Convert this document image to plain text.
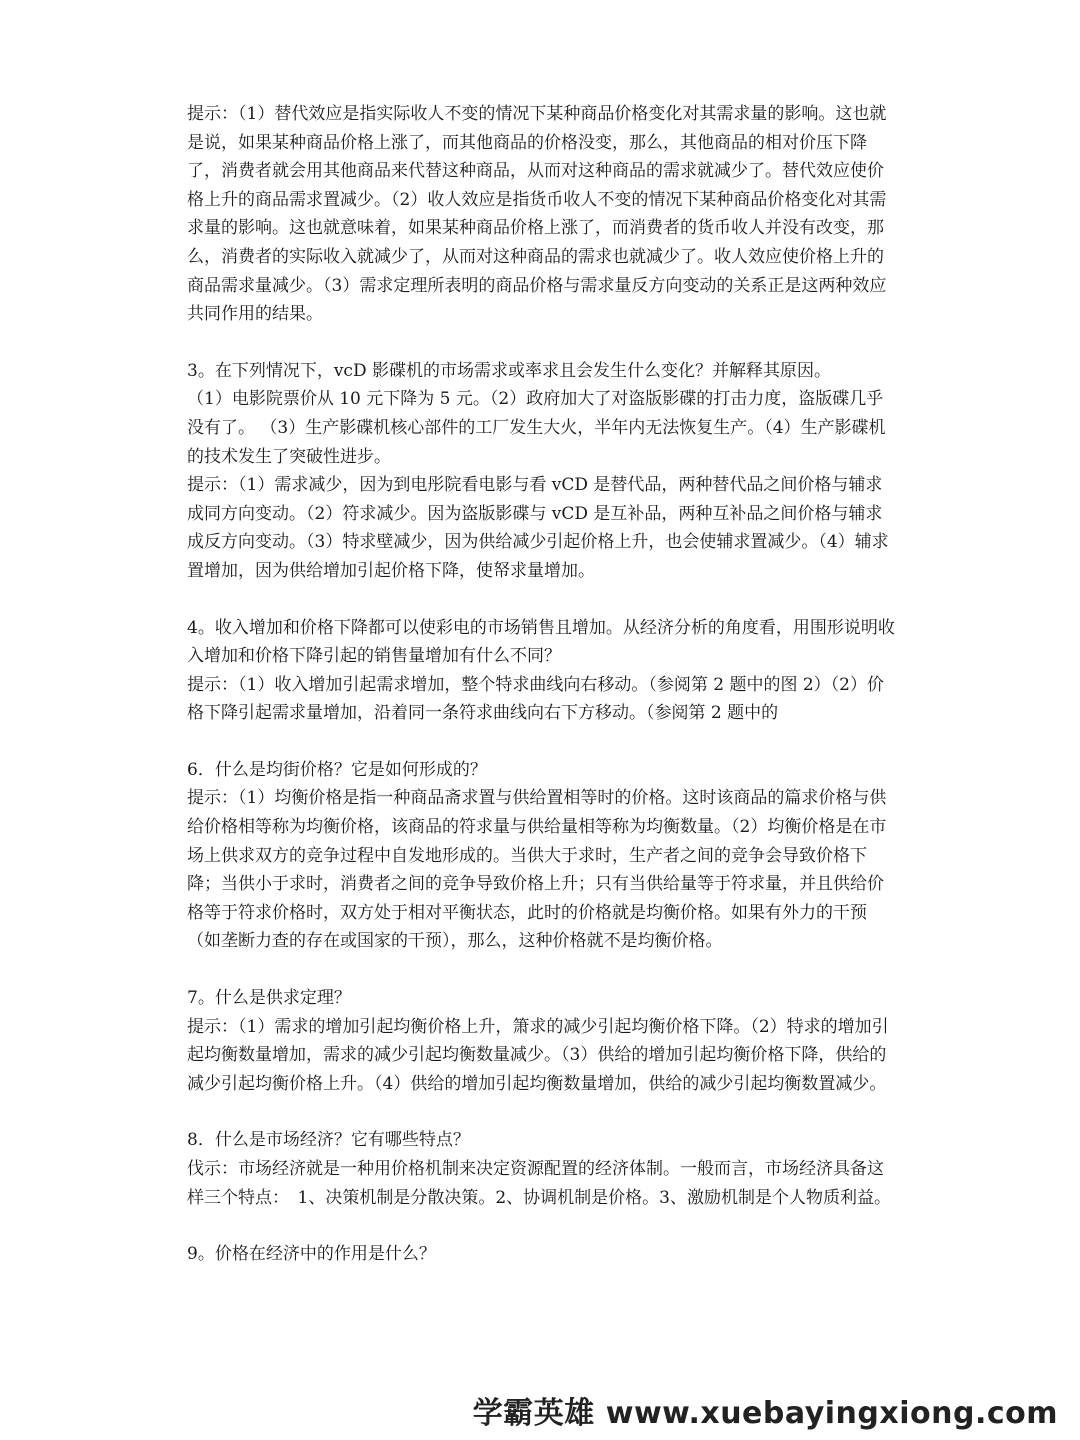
提示：（1）替代效应是指实际收人不变的情况下某种商品价格变化对其需求量的影响。这也就是说，如果某种商品价格上涨了，而其他商品的价格没变，那么，其他商品的相对价压下降了，消费者就会用其他商品来代替这种商品，从而对这种商品的需求就减少了。替代效应使价格上升的商品需求置减少。（2）收人效应是指货币收人不变的情况下某种商品价格变化对其需求量的影响。这也就意味着，如果某种商品价格上涨了，而消费者的货币收人并没有改变，那么，消费者的实际收入就减少了，从而对这种商品的需求也就减少了。收人效应使价格上升的商品需求量减少。（3）需求定理所表明的商品价格与需求量反方向变动的关系正是这两种效应共同作用的结果。

3。在下列情况下，vcD 影碟机的市场需求或率求且会发生什么变化？并解释其原因。

（1）电影院票价从 10 元下降为 5 元。（2）政府加大了对盗版影碟的打击力度，盗版碟几乎没有了。 （3）生产影碟机核心部件的工厂发生大火，半年内无法恢复生产。（4）生产影碟机的技术发生了突破性进步。

提示：（1）需求减少，因为到电彤院看电影与看 vCD 是替代品，两种替代品之间价格与辅求成同方向变动。（2）符求减少。因为盗版影碟与 vCD 是互补品，两种互补品之间价格与辅求成反方向变动。（3）特求壁减少，因为供给减少引起价格上升，也会使辅求置减少。（4）辅求置增加，因为供给增加引起价格下降，使帑求量增加。

4。收入增加和价格下降都可以使彩电的市场销售且增加。从经济分析的角度看，用围形说明收入增加和价格下降引起的销售量增加有什么不同？

提示：（1）收入增加引起需求增加，整个特求曲线向右移动。（参阅第 2 题中的图 2）（2）价格下降引起需求量增加，沿着同一条符求曲线向右下方移动。（参阅第 2 题中的

6．什么是均街价格？它是如何形成的？

提示：（1）均衡价格是指一种商品斋求置与供给置相等时的价格。这时该商品的篇求价格与供给价格相等称为均衡价格，该商品的符求量与供给量相等称为均衡数量。（2）均衡价格是在市场上供求双方的竞争过程中自发地形成的。当供大于求时，生产者之间的竞争会导致价格下降；当供小于求时，消费者之间的竞争导致价格上升；只有当供给量等于符求量，并且供给价格等于符求价格时，双方处于相对平衡状态，此时的价格就是均衡价格。如果有外力的干预（如垄断力查的存在或国家的干预），那么，这种价格就不是均衡价格。

7。什么是供求定理？

提示：（1）需求的增加引起均衡价格上升，箫求的减少引起均衡价格下降。（2）特求的增加引起均衡数量增加，需求的减少引起均衡数量减少。（3）供给的增加引起均衡价格下降，供给的减少引起均衡价格上升。（4）供给的增加引起均衡数量增加，供给的减少引起均衡数置减少。

8．什么是市场经济？它有哪些特点？

伐示：市场经济就是一种用价格机制来决定资源配置的经济体制。一般而言，市场经济具备这样三个特点：　1、决策机制是分散决策。2、协调机制是价格。3、激励机制是个人物质利益。

9。价格在经济中的作用是什么？

学霸英雄 www.xuebayingxiong.com
